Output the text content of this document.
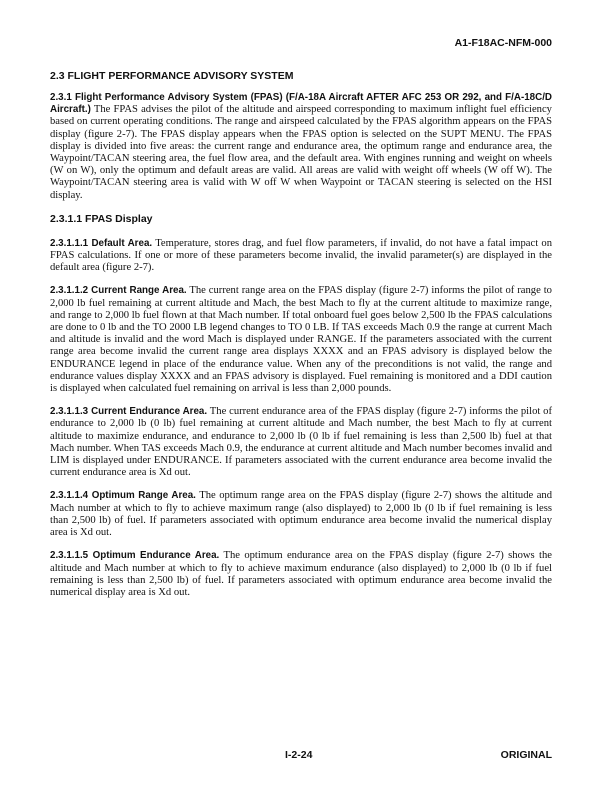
A1-F18AC-NFM-000
2.3 FLIGHT PERFORMANCE ADVISORY SYSTEM

2.3.1 Flight Performance Advisory System (FPAS) (F/A-18A Aircraft AFTER AFC 253 OR 292, and F/A-18C/D Aircraft.) The FPAS advises the pilot of the altitude and airspeed corresponding to maximum inflight fuel efficiency based on current operating conditions. The range and airspeed calculated by the FPAS algorithm appears on the FPAS display (figure 2-7). The FPAS display appears when the FPAS option is selected on the SUPT MENU. The FPAS display is divided into five areas: the current range and endurance area, the optimum range and endurance area, the Waypoint/TACAN steering area, the fuel flow area, and the default area. With engines running and weight on wheels (W on W), only the optimum and default areas are valid. All areas are valid with weight off wheels (W off W). The Waypoint/TACAN steering area is valid with W off W when Waypoint or TACAN steering is selected on the HSI display.

2.3.1.1 FPAS Display

2.3.1.1.1 Default Area. Temperature, stores drag, and fuel flow parameters, if invalid, do not have a fatal impact on FPAS calculations. If one or more of these parameters become invalid, the invalid parameter(s) are displayed in the default area (figure 2-7).

2.3.1.1.2 Current Range Area. The current range area on the FPAS display (figure 2-7) informs the pilot of range to 2,000 lb fuel remaining at current altitude and Mach, the best Mach to fly at the current altitude to maximize range, and range to 2,000 lb fuel flown at that Mach number. If total onboard fuel goes below 2,500 lb the FPAS calculations are done to 0 lb and the TO 2000 LB legend changes to TO 0 LB. If TAS exceeds Mach 0.9 the range at current Mach and altitude is invalid and the word Mach is displayed under RANGE. If the parameters associated with the current range area become invalid the current range area displays XXXX and an FPAS advisory is displayed below the ENDURANCE legend in place of the endurance value. When any of the preconditions is not valid, the range and endurance values display XXXX and an FPAS advisory is displayed. Fuel remaining is monitored and a DDI caution is displayed when calculated fuel remaining on arrival is less than 2,000 pounds.

2.3.1.1.3 Current Endurance Area. The current endurance area of the FPAS display (figure 2-7) informs the pilot of endurance to 2,000 lb (0 lb) fuel remaining at current altitude and Mach number, the best Mach to fly at current altitude to maximize endurance, and endurance to 2,000 lb (0 lb if fuel remaining is less than 2,500 lb) fuel at that Mach number. When TAS exceeds Mach 0.9, the endurance at current altitude and Mach number becomes invalid and LIM is displayed under ENDURANCE. If parameters associated with the current endurance area become invalid the current endurance area is Xd out.

2.3.1.1.4 Optimum Range Area. The optimum range area on the FPAS display (figure 2-7) shows the altitude and Mach number at which to fly to achieve maximum range (also displayed) to 2,000 lb (0 lb if fuel remaining is less than 2,500 lb) of fuel. If parameters associated with optimum endurance area become invalid the numerical display area is Xd out.

2.3.1.1.5 Optimum Endurance Area. The optimum endurance area on the FPAS display (figure 2-7) shows the altitude and Mach number at which to fly to achieve maximum endurance (also displayed) to 2,000 lb (0 lb if fuel remaining is less than 2,500 lb) of fuel. If parameters associated with optimum endurance area become invalid the numerical display area is Xd out.

I-2-24	ORIGINAL
